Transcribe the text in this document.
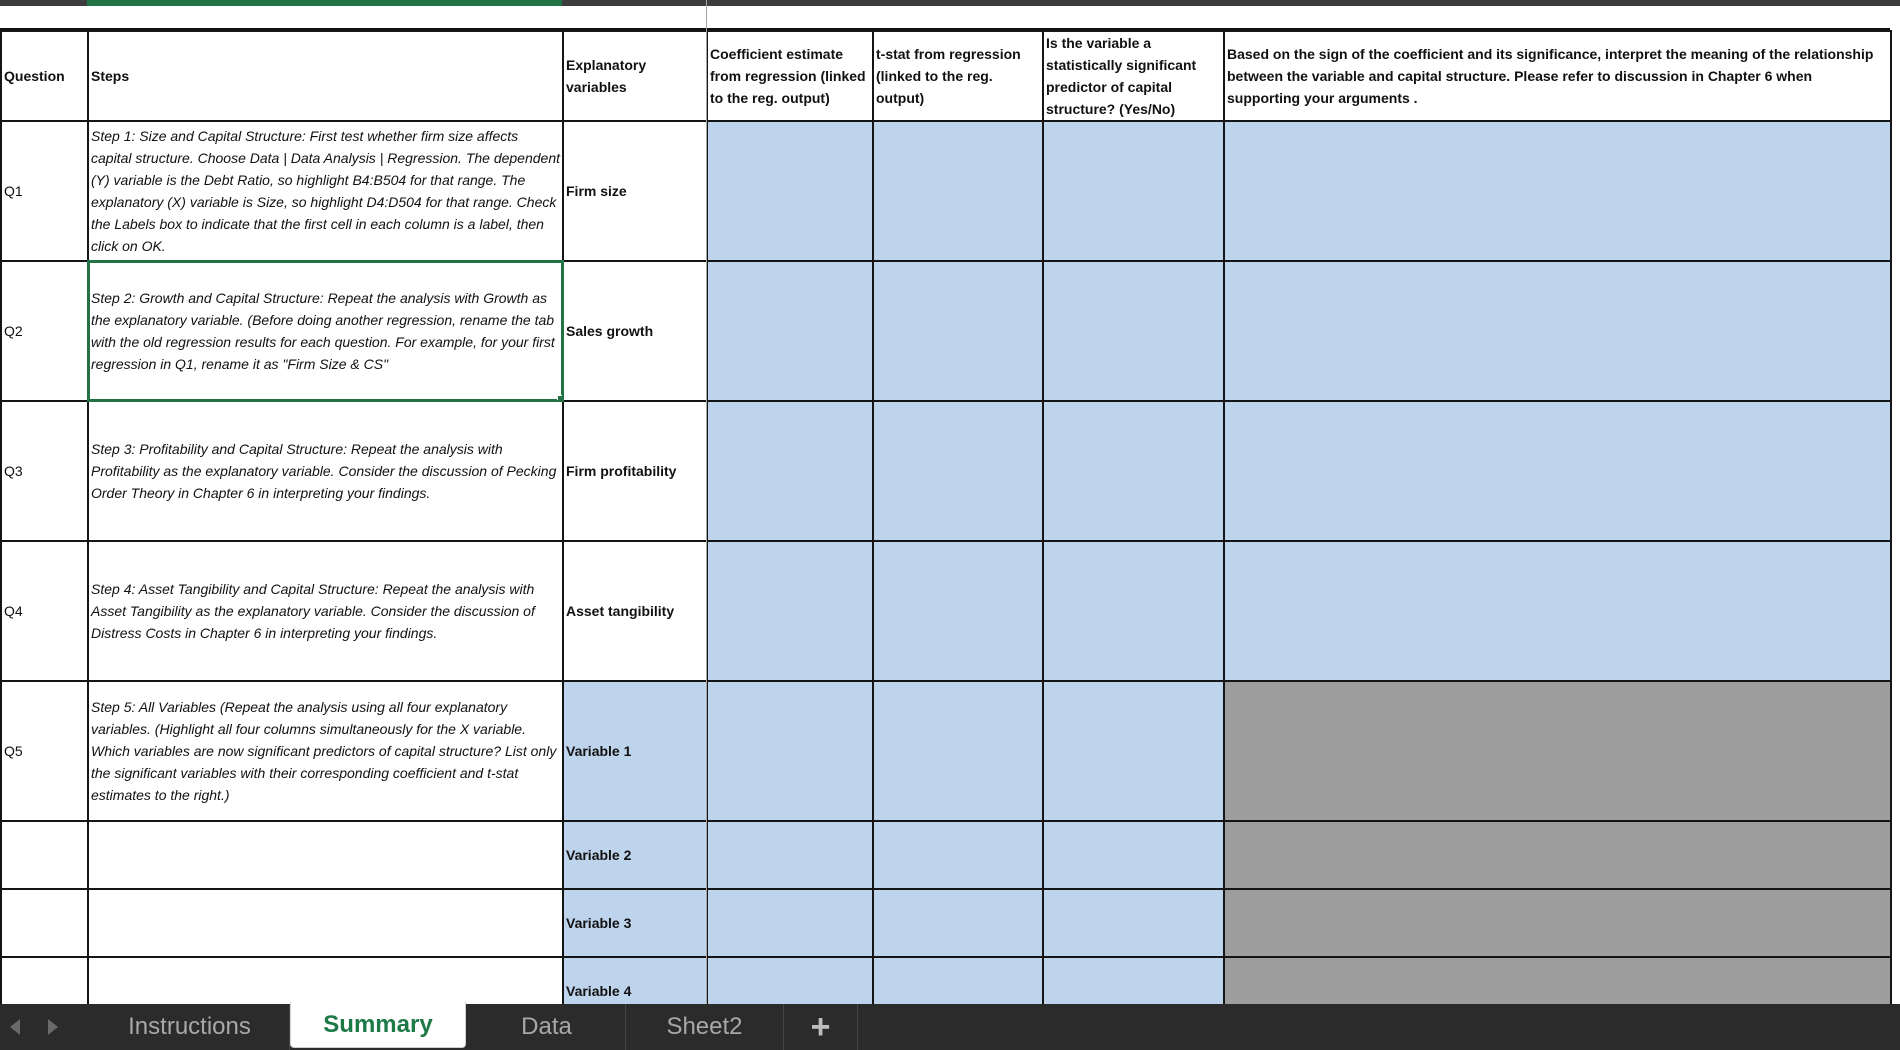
Question	Steps	Explanatory variables	Coefficient estimate from regression (linked to the reg. output)	t-stat from regression (linked to the reg. output)	Is the variable a statistically significant predictor of capital structure? (Yes/No)	Based on the sign of the coefficient and its significance, interpret the meaning of the relationship between the variable and capital structure. Please refer to discussion in Chapter 6 when supporting your arguments .
Q1	Step 1: Size and Capital Structure: First test whether firm size affects capital structure. Choose Data | Data Analysis | Regression. The dependent (Y) variable is the Debt Ratio, so highlight B4:B504 for that range. The explanatory (X) variable is Size, so highlight D4:D504 for that range. Check the Labels box to indicate that the first cell in each column is a label, then click on OK.	Firm size				
Q2	Step 2: Growth and Capital Structure: Repeat the analysis with Growth as the explanatory variable. (Before doing another regression, rename the tab with the old regression results for each question. For example, for your first regression in Q1, rename it as "Firm Size & CS"	Sales growth				
Q3	Step 3: Profitability and Capital Structure: Repeat the analysis with Profitability as the explanatory variable. Consider the discussion of Pecking Order Theory in Chapter 6 in interpreting your findings.	Firm profitability				
Q4	Step 4: Asset Tangibility and Capital Structure: Repeat the analysis with Asset Tangibility as the explanatory variable. Consider the discussion of Distress Costs in Chapter 6 in interpreting your findings.	Asset tangibility				
Q5	Step 5: All Variables (Repeat the analysis using all four explanatory variables. (Highlight all four columns simultaneously for the X variable. Which variables are now significant predictors of capital structure? List only the significant variables with their corresponding coefficient and t-stat estimates to the right.)	Variable 1				
		Variable 2				
		Variable 3				
		Variable 4				
Instructions	Summary	Data	Sheet2	+
